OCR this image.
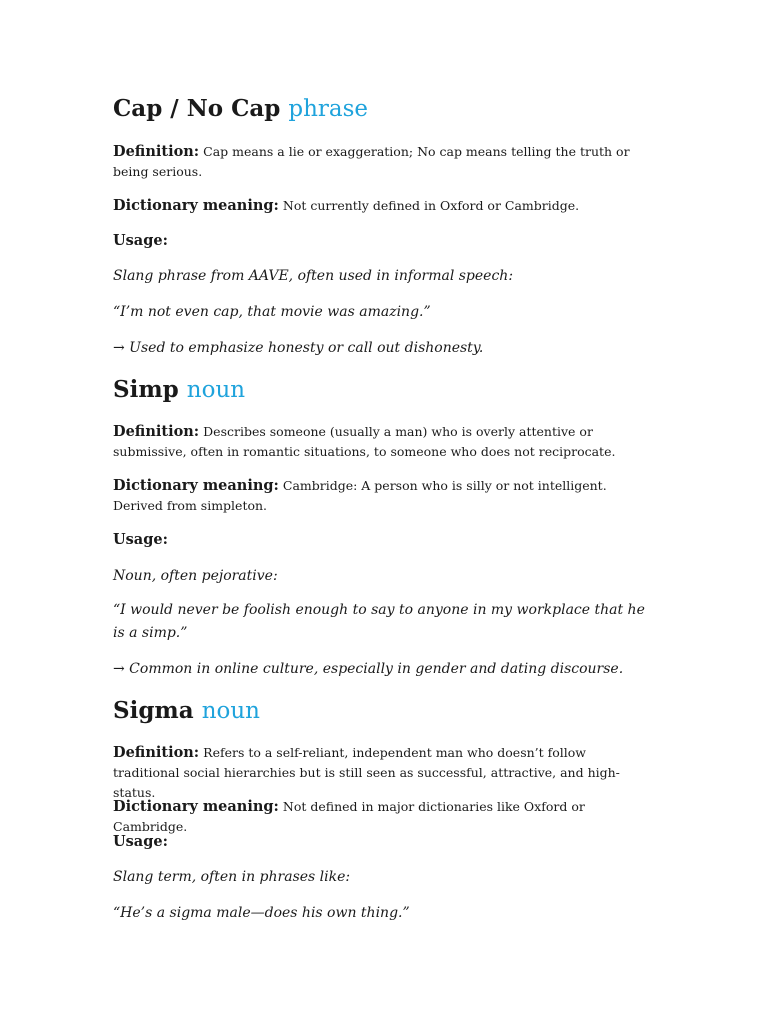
Cap / No Cap phrase

Definition: Cap means a lie or exaggeration; No cap means telling the truth or being serious.

Dictionary meaning: Not currently defined in Oxford or Cambridge.

Usage:

Slang phrase from AAVE, often used in informal speech:

“I’m not even cap, that movie was amazing.”

→ Used to emphasize honesty or call out dishonesty.

Simp noun

Definition: Describes someone (usually a man) who is overly attentive or submissive, often in romantic situations, to someone who does not reciprocate.

Dictionary meaning: Cambridge: A person who is silly or not intelligent.
Derived from simpleton.

Usage:

Noun, often pejorative:

“I would never be foolish enough to say to anyone in my workplace that he is a simp.”

→ Common in online culture, especially in gender and dating discourse.

Sigma noun

Definition: Refers to a self-reliant, independent man who doesn’t follow traditional social hierarchies but is still seen as successful, attractive, and high-status.

Dictionary meaning: Not defined in major dictionaries like Oxford or Cambridge.

Usage:

Slang term, often in phrases like:

“He’s a sigma male—does his own thing.”
